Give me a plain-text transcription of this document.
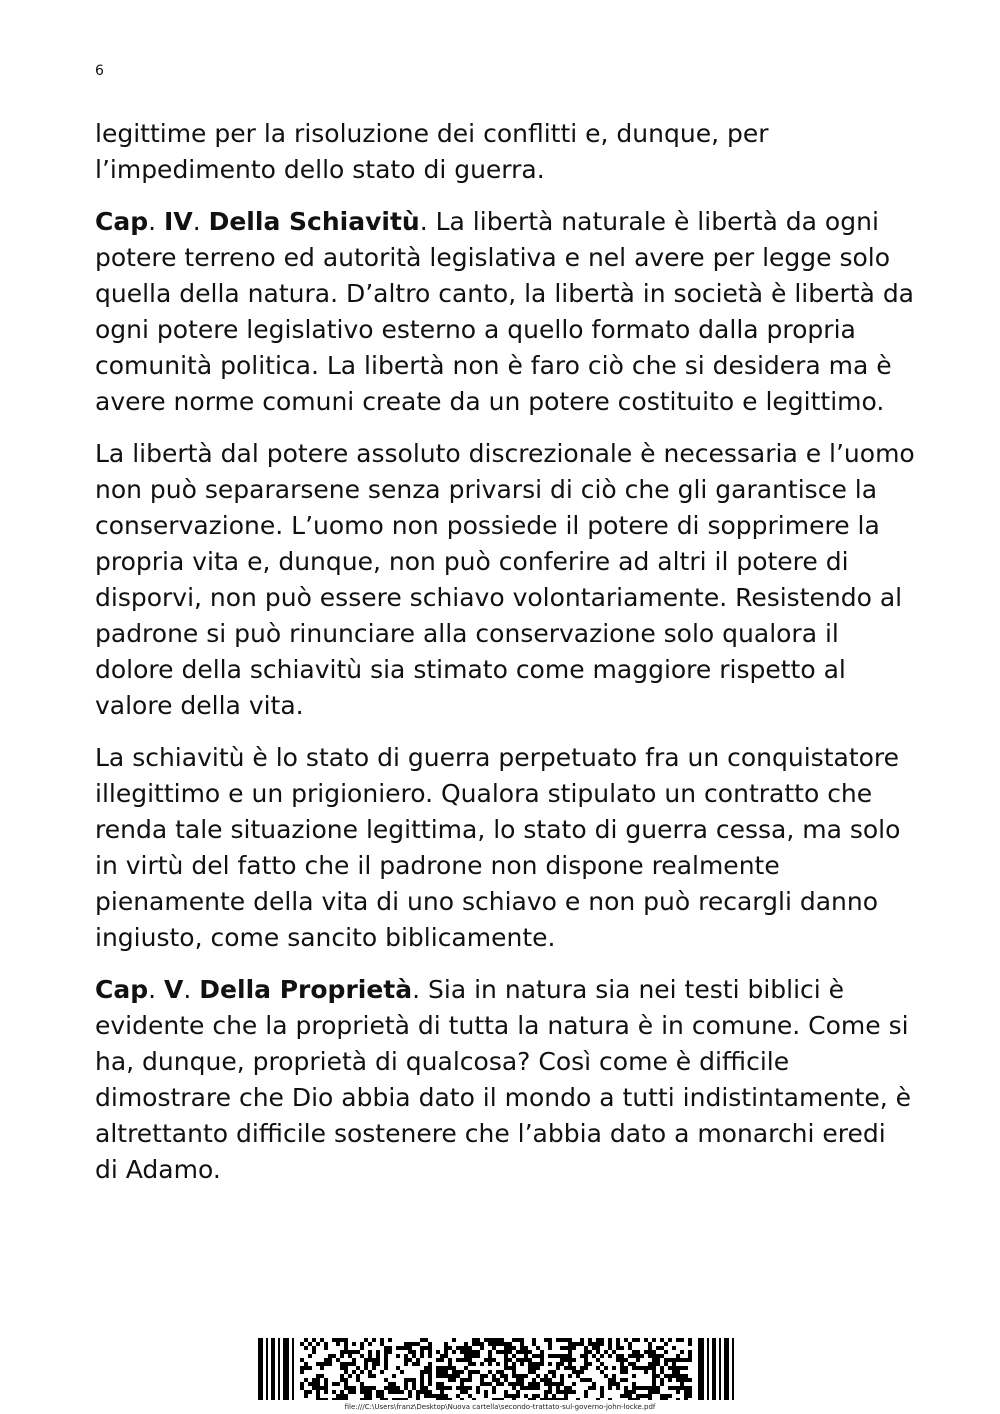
6

legittime per la risoluzione dei conflitti e, dunque, per l’impedimento dello stato di guerra.

Cap. IV. Della Schiavitù. La libertà naturale è libertà da ogni potere terreno ed autorità legislativa e nel avere per legge solo quella della natura. D’altro canto, la libertà in società è libertà da ogni potere legislativo esterno a quello formato dalla propria comunità politica. La libertà non è faro ciò che si desidera ma è avere norme comuni create da un potere costituito e legittimo.

La libertà dal potere assoluto discrezionale è necessaria e l’uomo non può separarsene senza privarsi di ciò che gli garantisce la conservazione. L’uomo non possiede il potere di sopprimere la propria vita e, dunque, non può conferire ad altri il potere di disporvi, non può essere schiavo volontariamente. Resistendo al padrone si può rinunciare alla conservazione solo qualora il dolore della schiavitù sia stimato come maggiore rispetto al valore della vita.

La schiavitù è lo stato di guerra perpetuato fra un conquistatore illegittimo e un prigioniero. Qualora stipulato un contratto che renda tale situazione legittima, lo stato di guerra cessa, ma solo in virtù del fatto che il padrone non dispone realmente pienamente della vita di uno schiavo e non può recargli danno ingiusto, come sancito biblicamente.

Cap. V. Della Proprietà. Sia in natura sia nei testi biblici è evidente che la proprietà di tutta la natura è in comune. Come si ha, dunque, proprietà di qualcosa? Così come è difficile dimostrare che Dio abbia dato il mondo a tutti indistintamente, è altrettanto difficile sostenere che l’abbia dato a monarchi eredi di Adamo.

file:///C:\Users\franz\Desktop\Nuova cartella\secondo-trattato-sul-governo-john-locke.pdf
